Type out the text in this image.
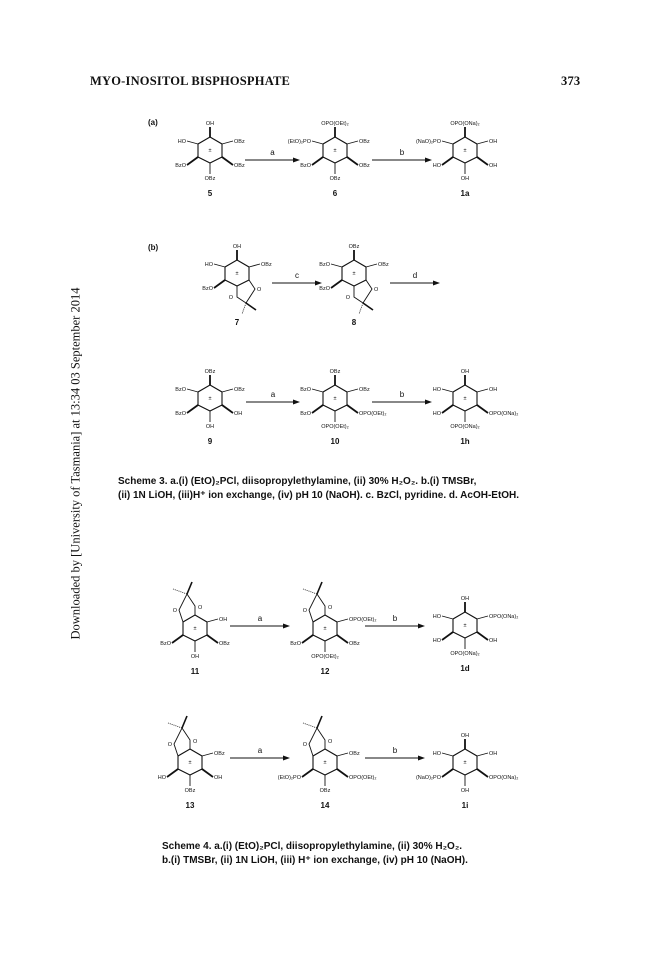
MYO-INOSITOL BISPHOSPHATE	373
Downloaded by [University of Tasmania] at 13:34 03 September 2014
(a)
(b)
Scheme 3. a.(i) (EtO)₂PCl, diisopropylethylamine, (ii) 30% H₂O₂. b.(i) TMSBr,
(ii) 1N LiOH, (iii)H⁺ ion exchange, (iv) pH 10 (NaOH). c. BzCl, pyridine. d. AcOH-EtOH.
Scheme 4. a.(i) (EtO)₂PCl, diisopropylethylamine, (ii) 30% H₂O₂.
b.(i) TMSBr, (ii) 1N LiOH, (iii) H⁺ ion exchange, (iv) pH 10 (NaOH).
±
OH
OBz
OBz
OBz
BzO
HO
5
a	±
OPO(OEt)₂
OBz
OBz
OBz
BzO
(EtO)₂PO
6
b	±
OPO(ONa)₂
OH
OH
OH
HO
(NaO)₂PO
1a
±
OH
OBz
BzO
HO
O
O
7
c	±
OBz
OBz
BzO
BzO
O
O
8
d
±
OBz
OBz
OH
OH
BzO
BzO
9
a	±
OBz
OBz
OPO(OEt)₂
OPO(OEt)₂
BzO
BzO
10
b	±
OH
OH
OPO(ONa)₂
OPO(ONa)₂
HO
HO
1h
±
OH
OBz
OH
BzO
O
O
11
a
±
OPO(OEt)₂
OBz
OPO(OEt)₂
BzO
O
O
12
b
±
OH
OPO(ONa)₂
OH
OPO(ONa)₂
HO
HO
1d
±
OBz
OH
OBz
HO
O
O
13
a
±
OBz
OPO(OEt)₂
OBz
(EtO)₂PO
O
O
14
b
±
OH
OH
OPO(ONa)₂
OH
(NaO)₂PO
HO
1i
